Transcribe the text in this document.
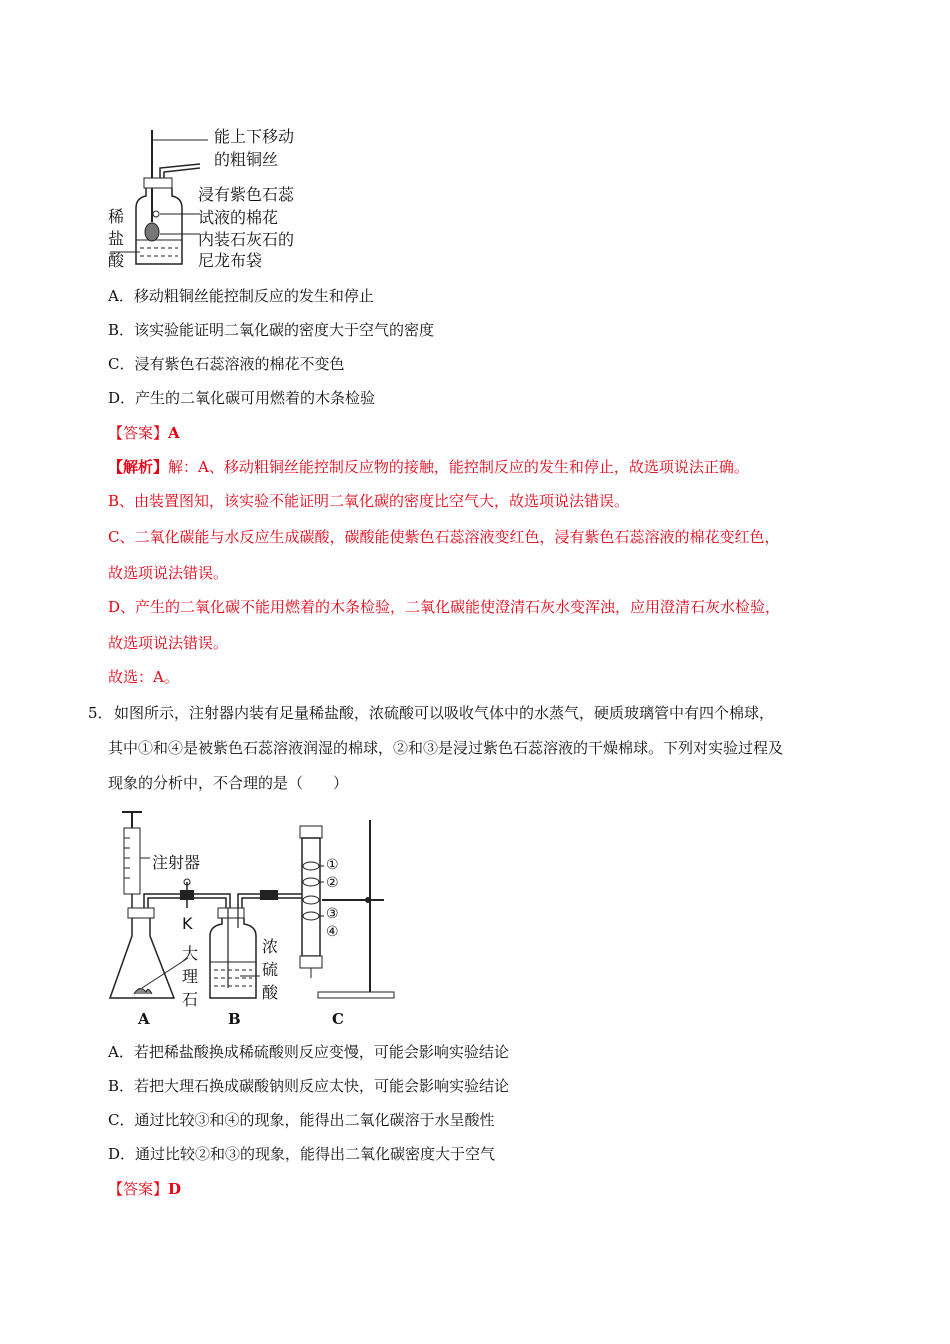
能上下移动
的粗铜丝
浸有紫色石蕊
试液的棉花
内装石灰石的
尼龙布袋
稀
盐
酸
A．移动粗铜丝能控制反应的发生和停止
B．该实验能证明二氧化碳的密度大于空气的密度
C．浸有紫色石蕊溶液的棉花不变色
D．产生的二氧化碳可用燃着的木条检验
【答案】A
【解析】解：A、移动粗铜丝能控制反应物的接触，能控制反应的发生和停止，故选项说法正确。
B、由装置图知，该实验不能证明二氧化碳的密度比空气大，故选项说法错误。
C、二氧化碳能与水反应生成碳酸，碳酸能使紫色石蕊溶液变红色，浸有紫色石蕊溶液的棉花变红色，
故选项说法错误。
D、产生的二氧化碳不能用燃着的木条检验，二氧化碳能使澄清石灰水变浑浊，应用澄清石灰水检验，
故选项说法错误。
故选：A。
5． 如图所示，注射器内装有足量稀盐酸，浓硫酸可以吸收气体中的水蒸气，硬质玻璃管中有四个棉球，
其中①和④是被紫色石蕊溶液润湿的棉球，②和③是浸过紫色石蕊溶液的干燥棉球。下列对实验过程及
现象的分析中，不合理的是（　　）
注射器
K
大
理
石
浓
硫
酸
①
②
③
④
A	B	C
A．若把稀盐酸换成稀硫酸则反应变慢，可能会影响实验结论
B．若把大理石换成碳酸钠则反应太快，可能会影响实验结论
C．通过比较③和④的现象，能得出二氧化碳溶于水呈酸性
D．通过比较②和③的现象，能得出二氧化碳密度大于空气
【答案】D
